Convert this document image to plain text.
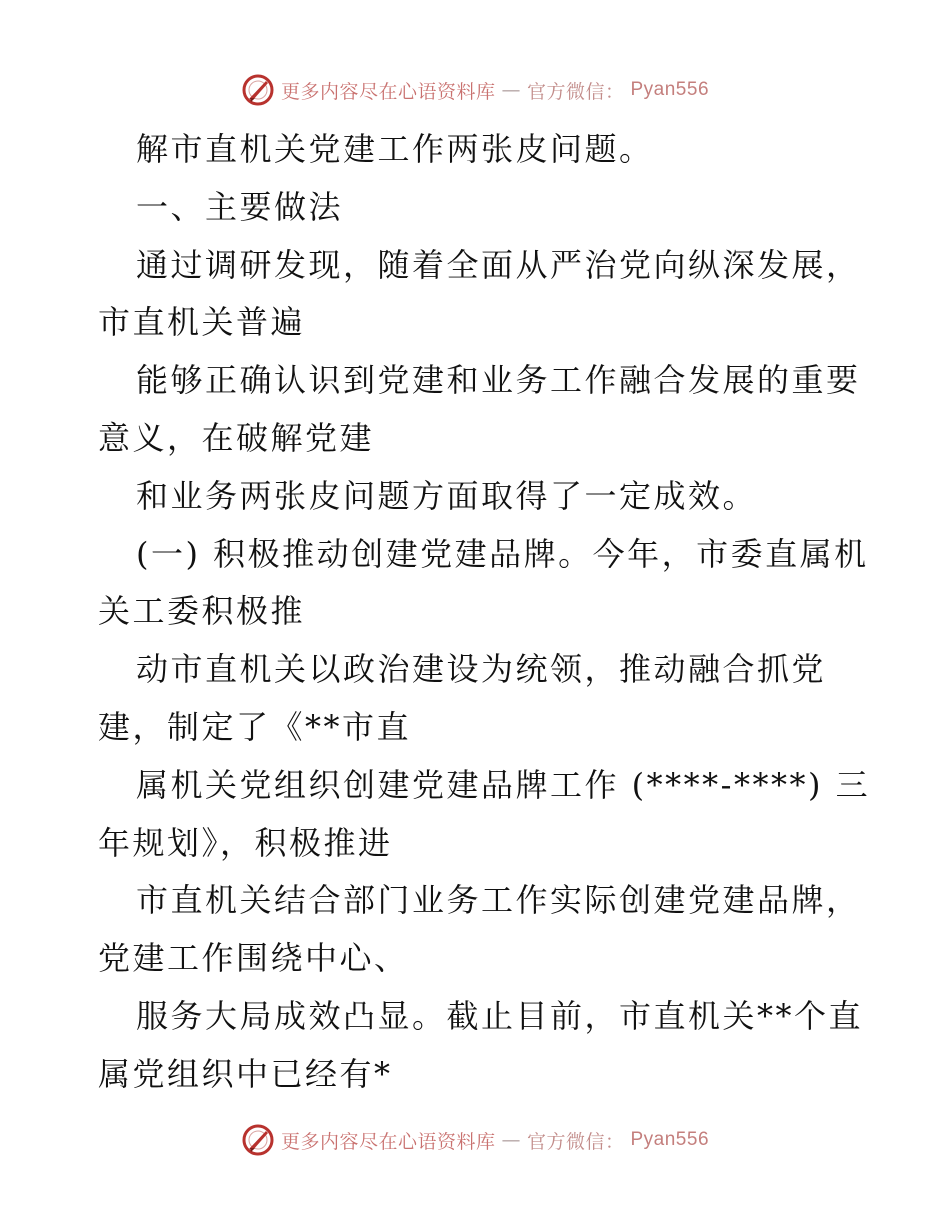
更多内容尽在心语资料库 — 官方微信： Pyan556
解市直机关党建工作两张皮问题。
一、主要做法
通过调研发现，随着全面从严治党向纵深发展，
市直机关普遍
能够正确认识到党建和业务工作融合发展的重要
意义，在破解党建
和业务两张皮问题方面取得了一定成效。
(一) 积极推动创建党建品牌。今年，市委直属机
关工委积极推
动市直机关以政治建设为统领，推动融合抓党
建，制定了《**市直
属机关党组织创建党建品牌工作 (****-****) 三
年规划》，积极推进
市直机关结合部门业务工作实际创建党建品牌，
党建工作围绕中心、
服务大局成效凸显。截止目前，市直机关**个直
属党组织中已经有*
更多内容尽在心语资料库 — 官方微信： Pyan556
